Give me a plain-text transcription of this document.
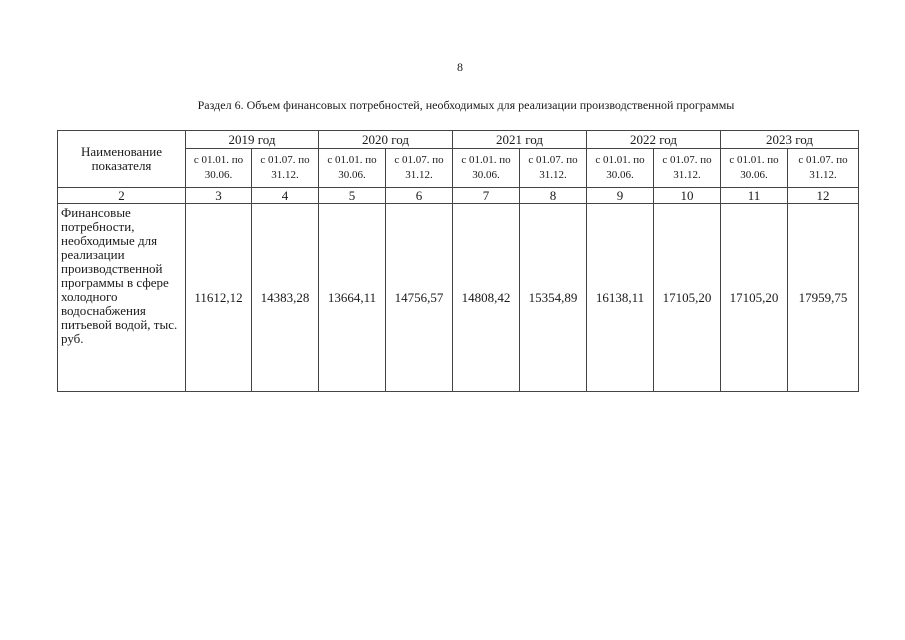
8
Раздел 6. Объем финансовых потребностей, необходимых для реализации производственной программы
Наименование показателя	2019 год		2020 год		2021 год		2022 год		2023 год	
	с 01.01. по 30.06.	с 01.07. по 31.12.	с 01.01. по 30.06.	с 01.07. по 31.12.	с 01.01. по 30.06.	с 01.07. по 31.12.	с 01.01. по 30.06.	с 01.07. по 31.12.	с 01.01. по 30.06.	с 01.07. по 31.12.
2	3	4	5	6	7	8	9	10	11	12
Финансовые потребности, необходимые для реализации производственной программы в сфере холодного водоснабжения питьевой водой, тыс. руб.	11612,12	14383,28	13664,11	14756,57	14808,42	15354,89	16138,11	17105,20	17105,20	17959,75
